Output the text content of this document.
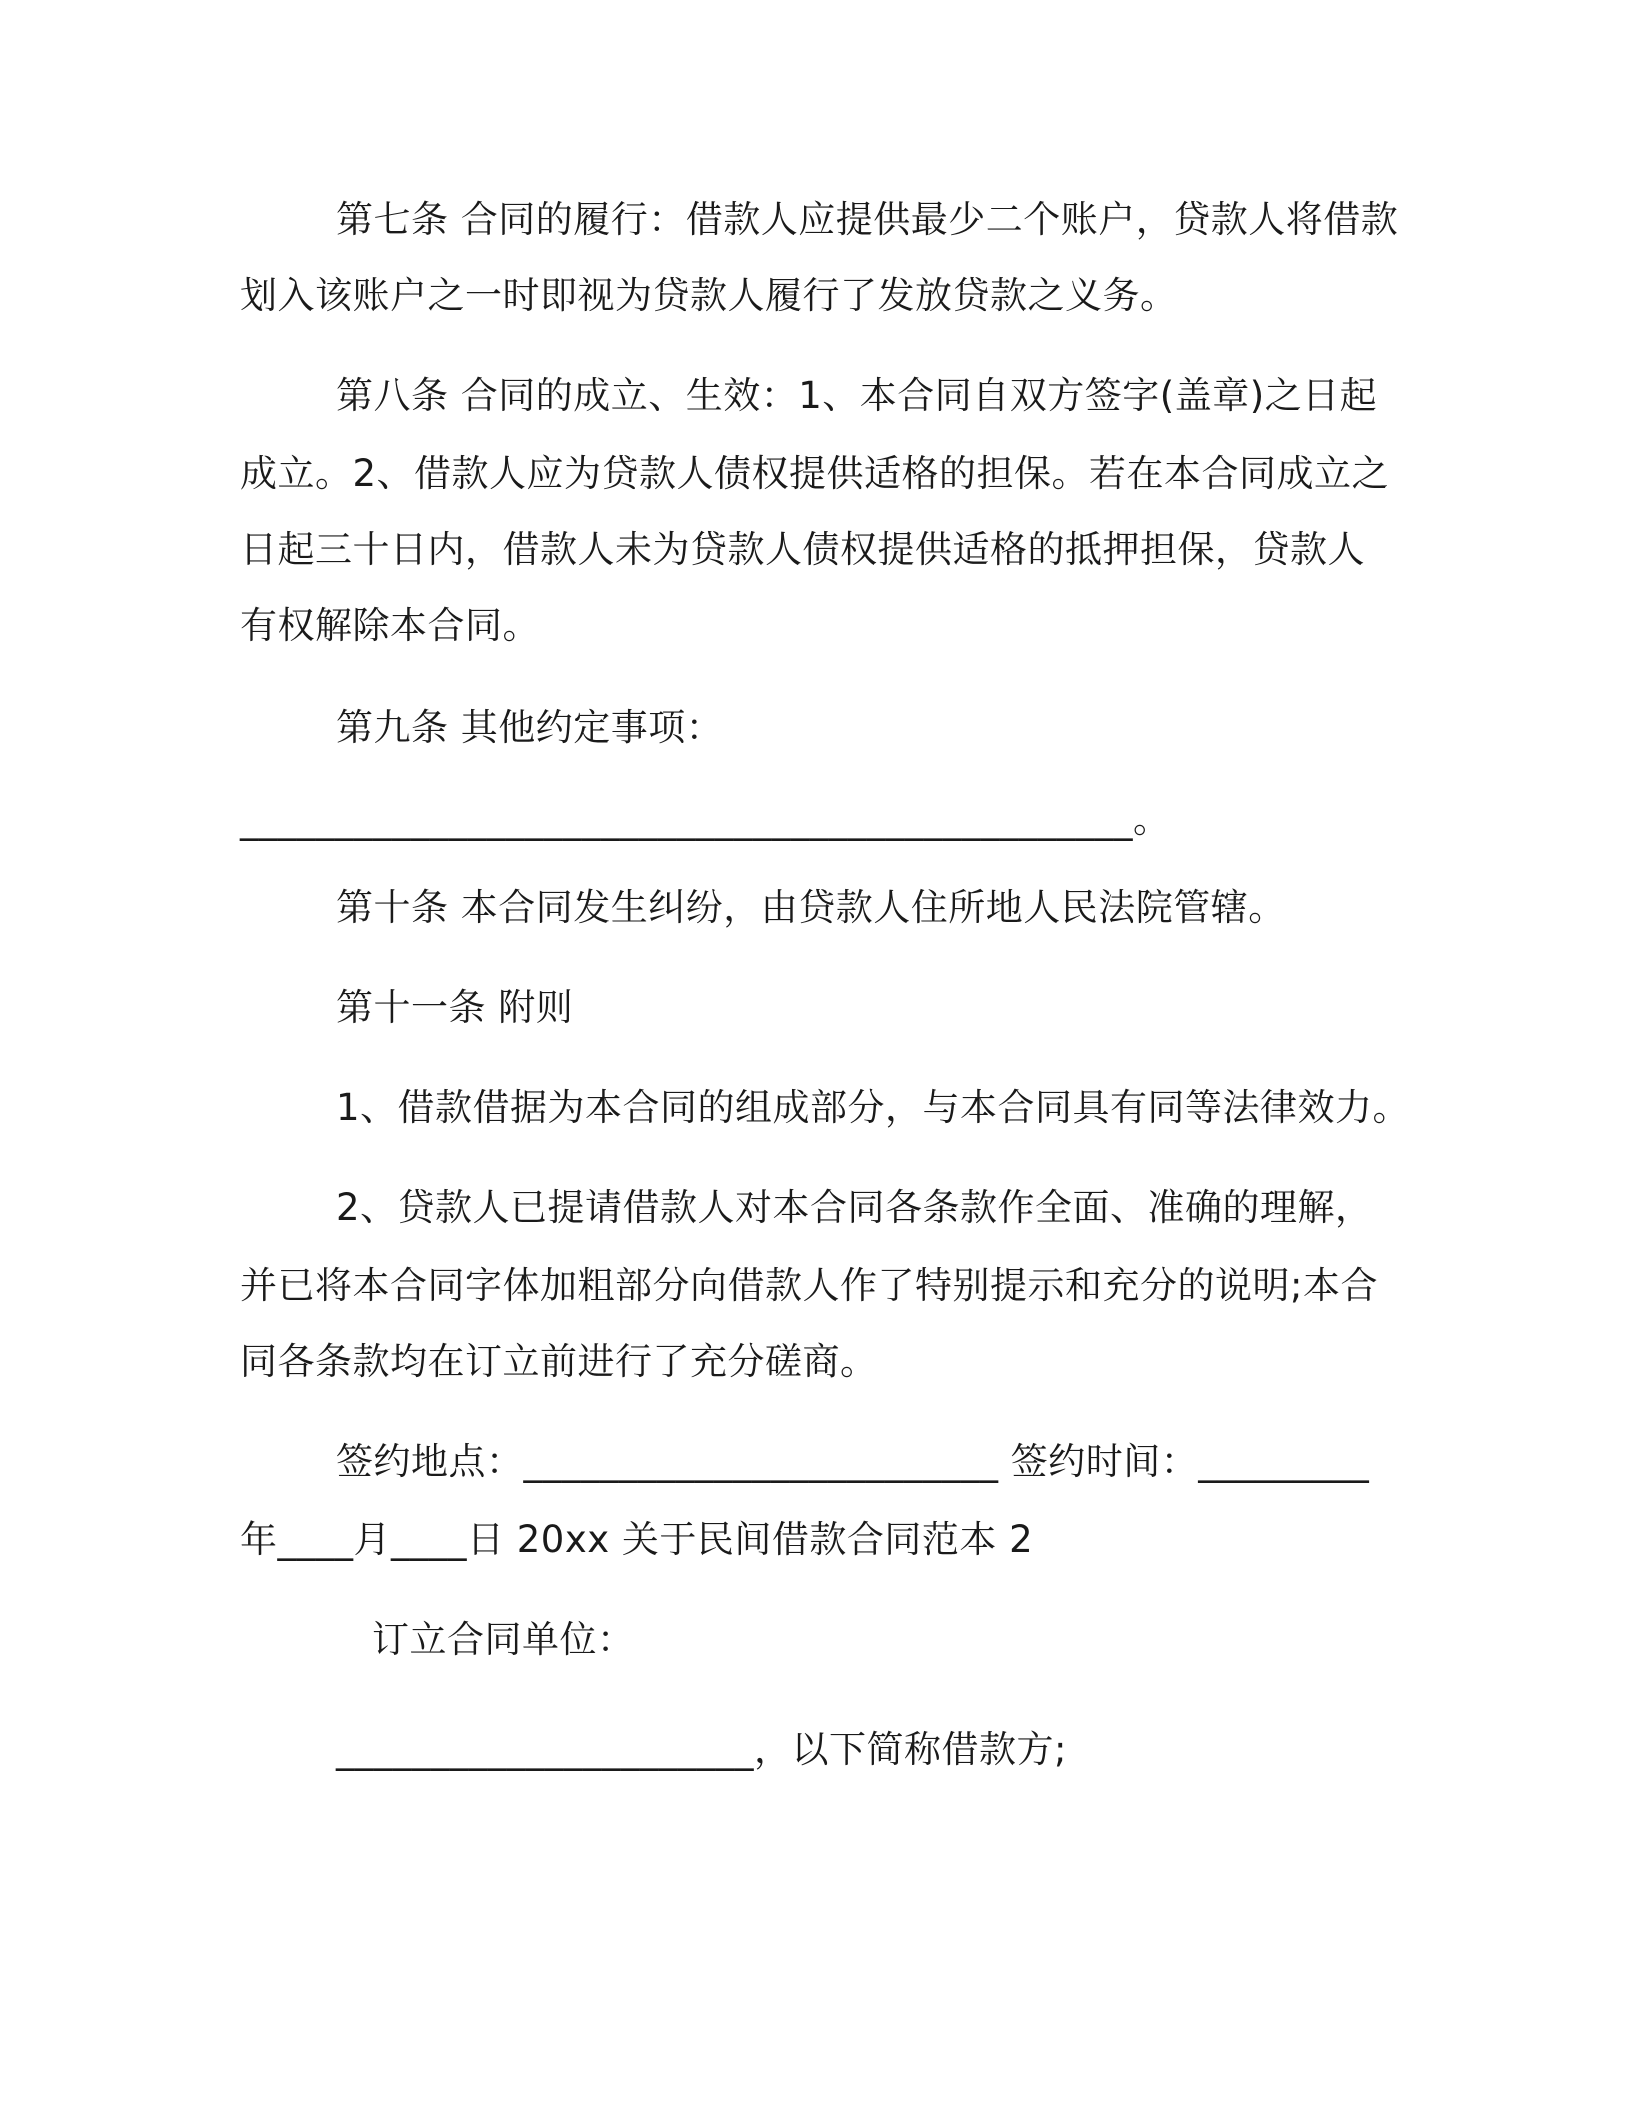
第七条 合同的履行：借款人应提供最少二个账户，贷款人将借款
划入该账户之一时即视为贷款人履行了发放贷款之义务。
第八条 合同的成立、生效：1、本合同自双方签字(盖章)之日起
成立。2、借款人应为贷款人债权提供适格的担保。若在本合同成立之
日起三十日内，借款人未为贷款人债权提供适格的抵押担保，贷款人
有权解除本合同。
第九条 其他约定事项：
_______________________________________________。
第十条 本合同发生纠纷，由贷款人住所地人民法院管辖。
第十一条 附则
1、借款借据为本合同的组成部分，与本合同具有同等法律效力。
2、贷款人已提请借款人对本合同各条款作全面、准确的理解，
并已将本合同字体加粗部分向借款人作了特别提示和充分的说明;本合
同各条款均在订立前进行了充分磋商。
签约地点：_________________________ 签约时间：_________
年____月____日 20xx 关于民间借款合同范本 2
订立合同单位：
______________________，以下简称借款方;
